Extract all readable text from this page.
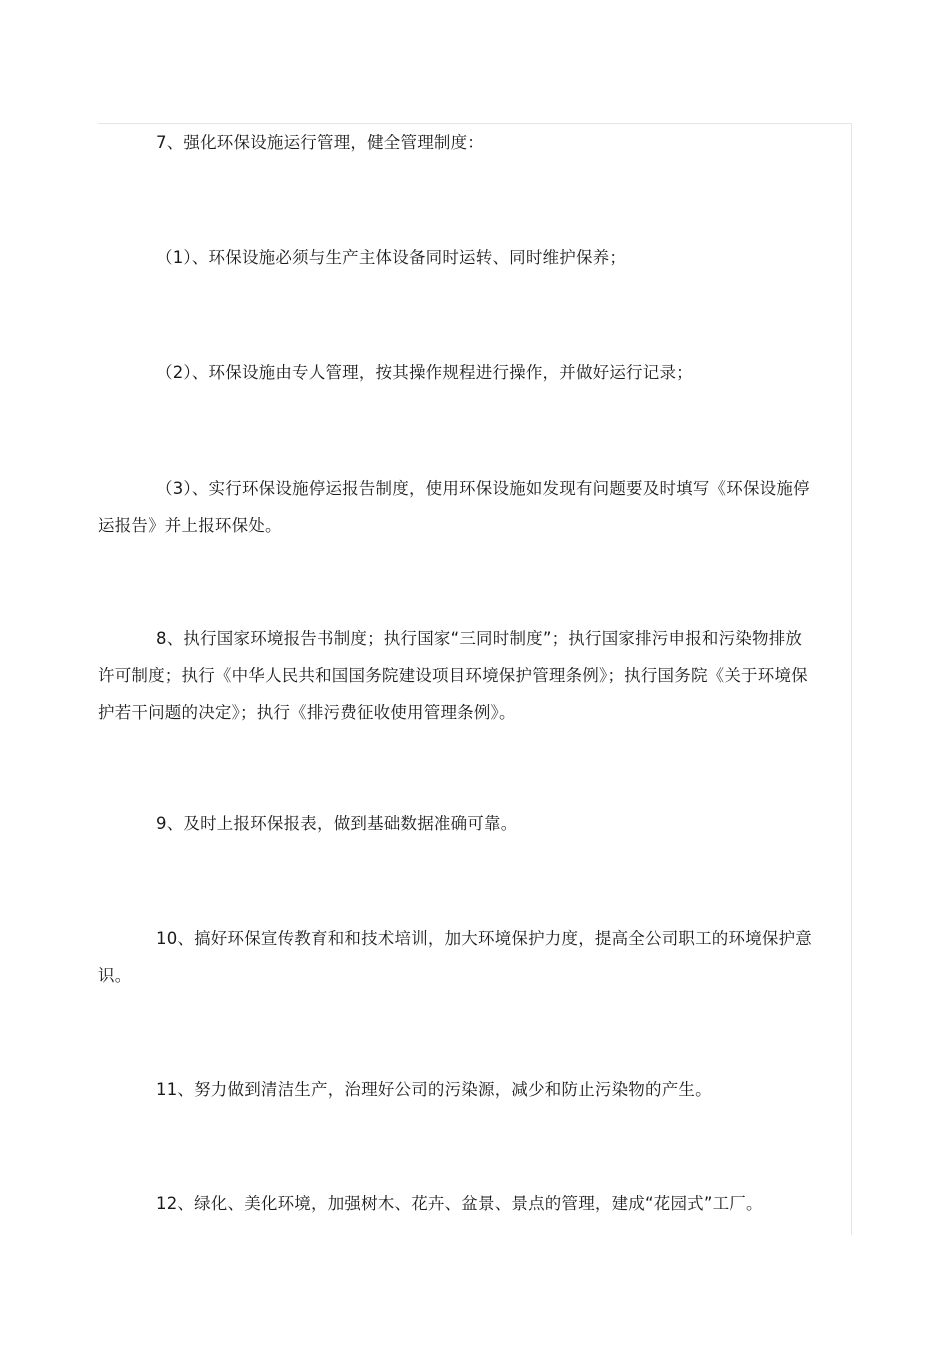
7、强化环保设施运行管理，健全管理制度：

（1）、环保设施必须与生产主体设备同时运转、同时维护保养；

（2）、环保设施由专人管理，按其操作规程进行操作，并做好运行记录；

（3）、实行环保设施停运报告制度，使用环保设施如发现有问题要及时填写《环保设施停运报告》并上报环保处。

8、执行国家环境报告书制度；执行国家“三同时制度”；执行国家排污申报和污染物排放许可制度；执行《中华人民共和国国务院建设项目环境保护管理条例》；执行国务院《关于环境保护若干问题的决定》；执行《排污费征收使用管理条例》。

9、及时上报环保报表，做到基础数据准确可靠。

10、搞好环保宣传教育和和技术培训，加大环境保护力度，提高全公司职工的环境保护意识。

11、努力做到清洁生产，治理好公司的污染源，减少和防止污染物的产生。

12、绿化、美化环境，加强树木、花卉、盆景、景点的管理，建成“花园式”工厂。
